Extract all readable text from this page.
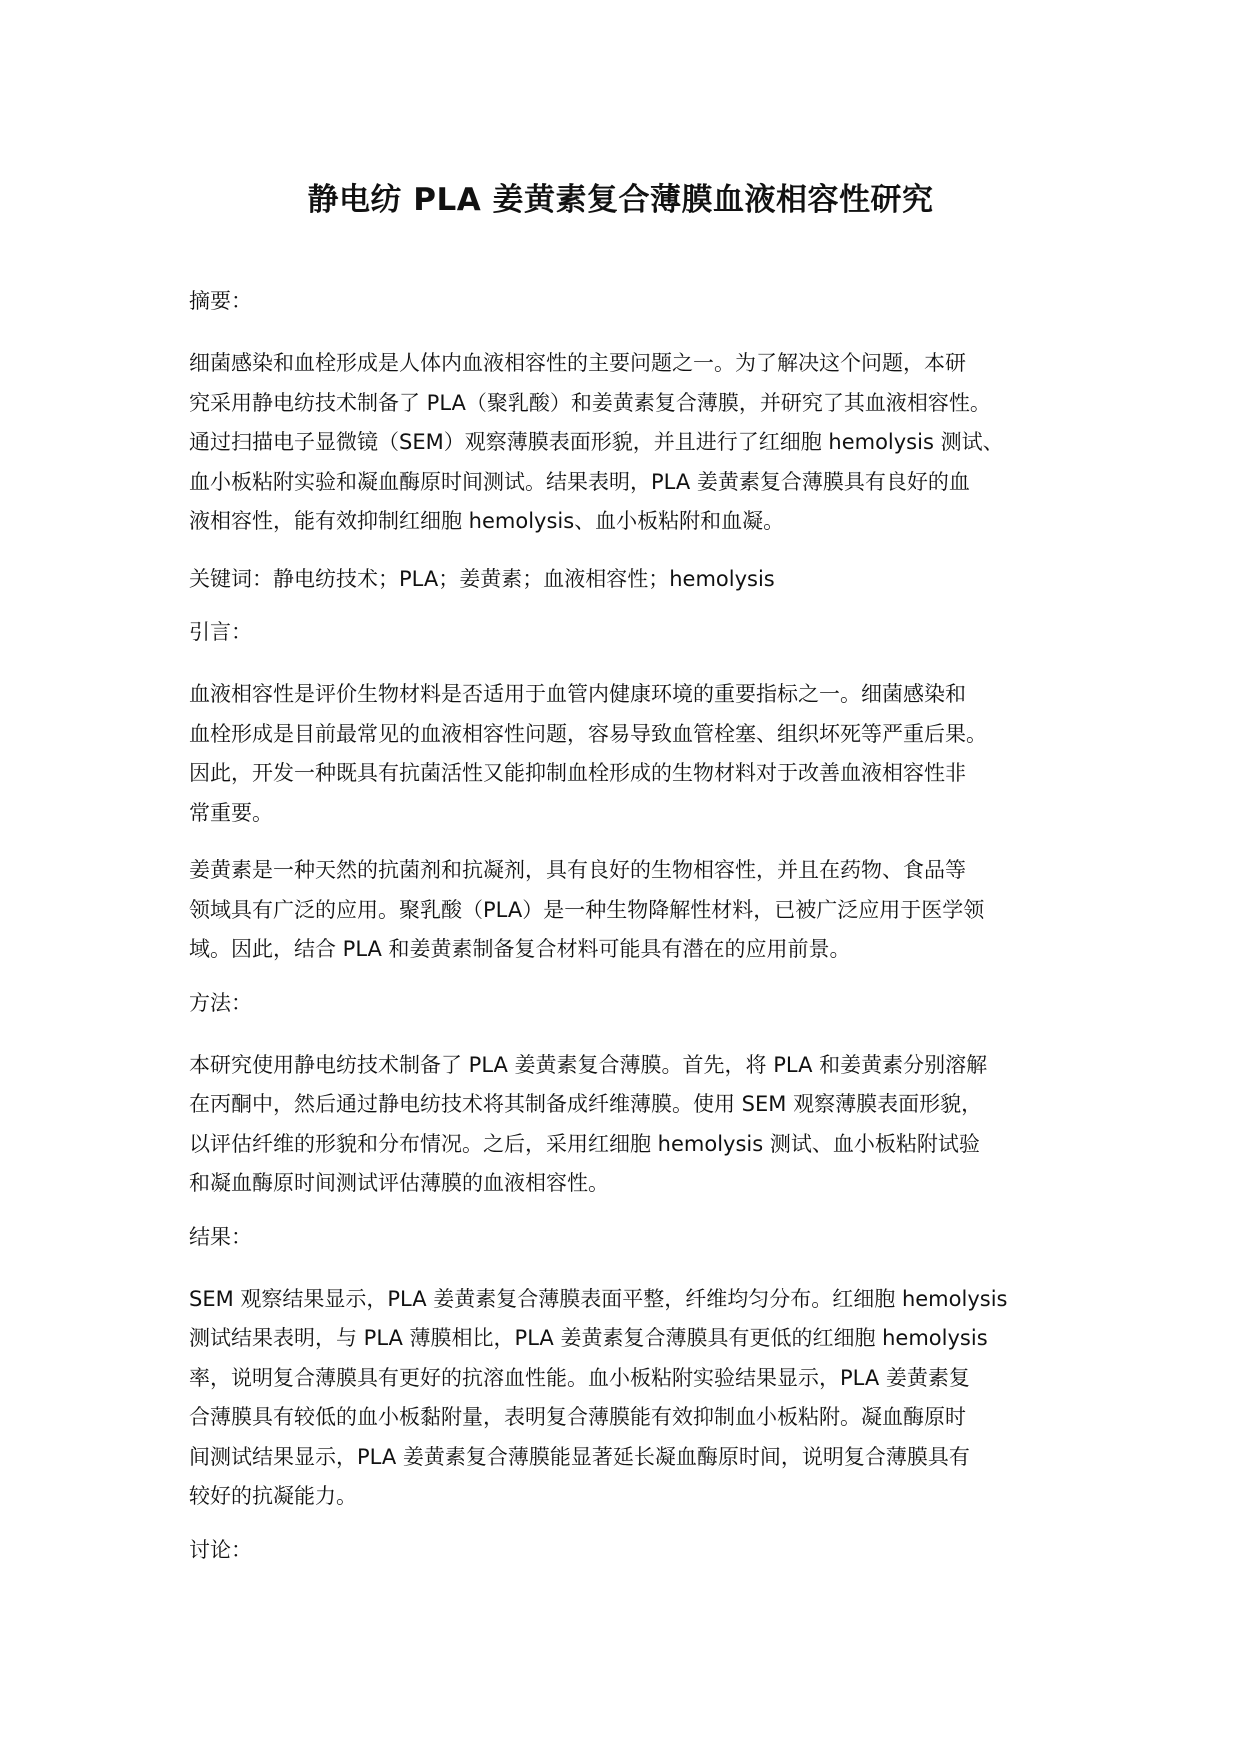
静电纺 PLA 姜黄素复合薄膜血液相容性研究

摘要：

细菌感染和血栓形成是人体内血液相容性的主要问题之一。为了解决这个问题，本研
究采用静电纺技术制备了 PLA（聚乳酸）和姜黄素复合薄膜，并研究了其血液相容性。
通过扫描电子显微镜（SEM）观察薄膜表面形貌，并且进行了红细胞 hemolysis 测试、
血小板粘附实验和凝血酶原时间测试。结果表明，PLA 姜黄素复合薄膜具有良好的血
液相容性，能有效抑制红细胞 hemolysis、血小板粘附和血凝。

关键词：静电纺技术；PLA；姜黄素；血液相容性；hemolysis

引言：

血液相容性是评价生物材料是否适用于血管内健康环境的重要指标之一。细菌感染和
血栓形成是目前最常见的血液相容性问题，容易导致血管栓塞、组织坏死等严重后果。
因此，开发一种既具有抗菌活性又能抑制血栓形成的生物材料对于改善血液相容性非
常重要。

姜黄素是一种天然的抗菌剂和抗凝剂，具有良好的生物相容性，并且在药物、食品等
领域具有广泛的应用。聚乳酸（PLA）是一种生物降解性材料，已被广泛应用于医学领
域。因此，结合 PLA 和姜黄素制备复合材料可能具有潜在的应用前景。

方法：

本研究使用静电纺技术制备了 PLA 姜黄素复合薄膜。首先，将 PLA 和姜黄素分别溶解
在丙酮中，然后通过静电纺技术将其制备成纤维薄膜。使用 SEM 观察薄膜表面形貌，
以评估纤维的形貌和分布情况。之后，采用红细胞 hemolysis 测试、血小板粘附试验
和凝血酶原时间测试评估薄膜的血液相容性。

结果：

SEM 观察结果显示，PLA 姜黄素复合薄膜表面平整，纤维均匀分布。红细胞 hemolysis
测试结果表明，与 PLA 薄膜相比，PLA 姜黄素复合薄膜具有更低的红细胞 hemolysis
率，说明复合薄膜具有更好的抗溶血性能。血小板粘附实验结果显示，PLA 姜黄素复
合薄膜具有较低的血小板黏附量，表明复合薄膜能有效抑制血小板粘附。凝血酶原时
间测试结果显示，PLA 姜黄素复合薄膜能显著延长凝血酶原时间，说明复合薄膜具有
较好的抗凝能力。

讨论：
